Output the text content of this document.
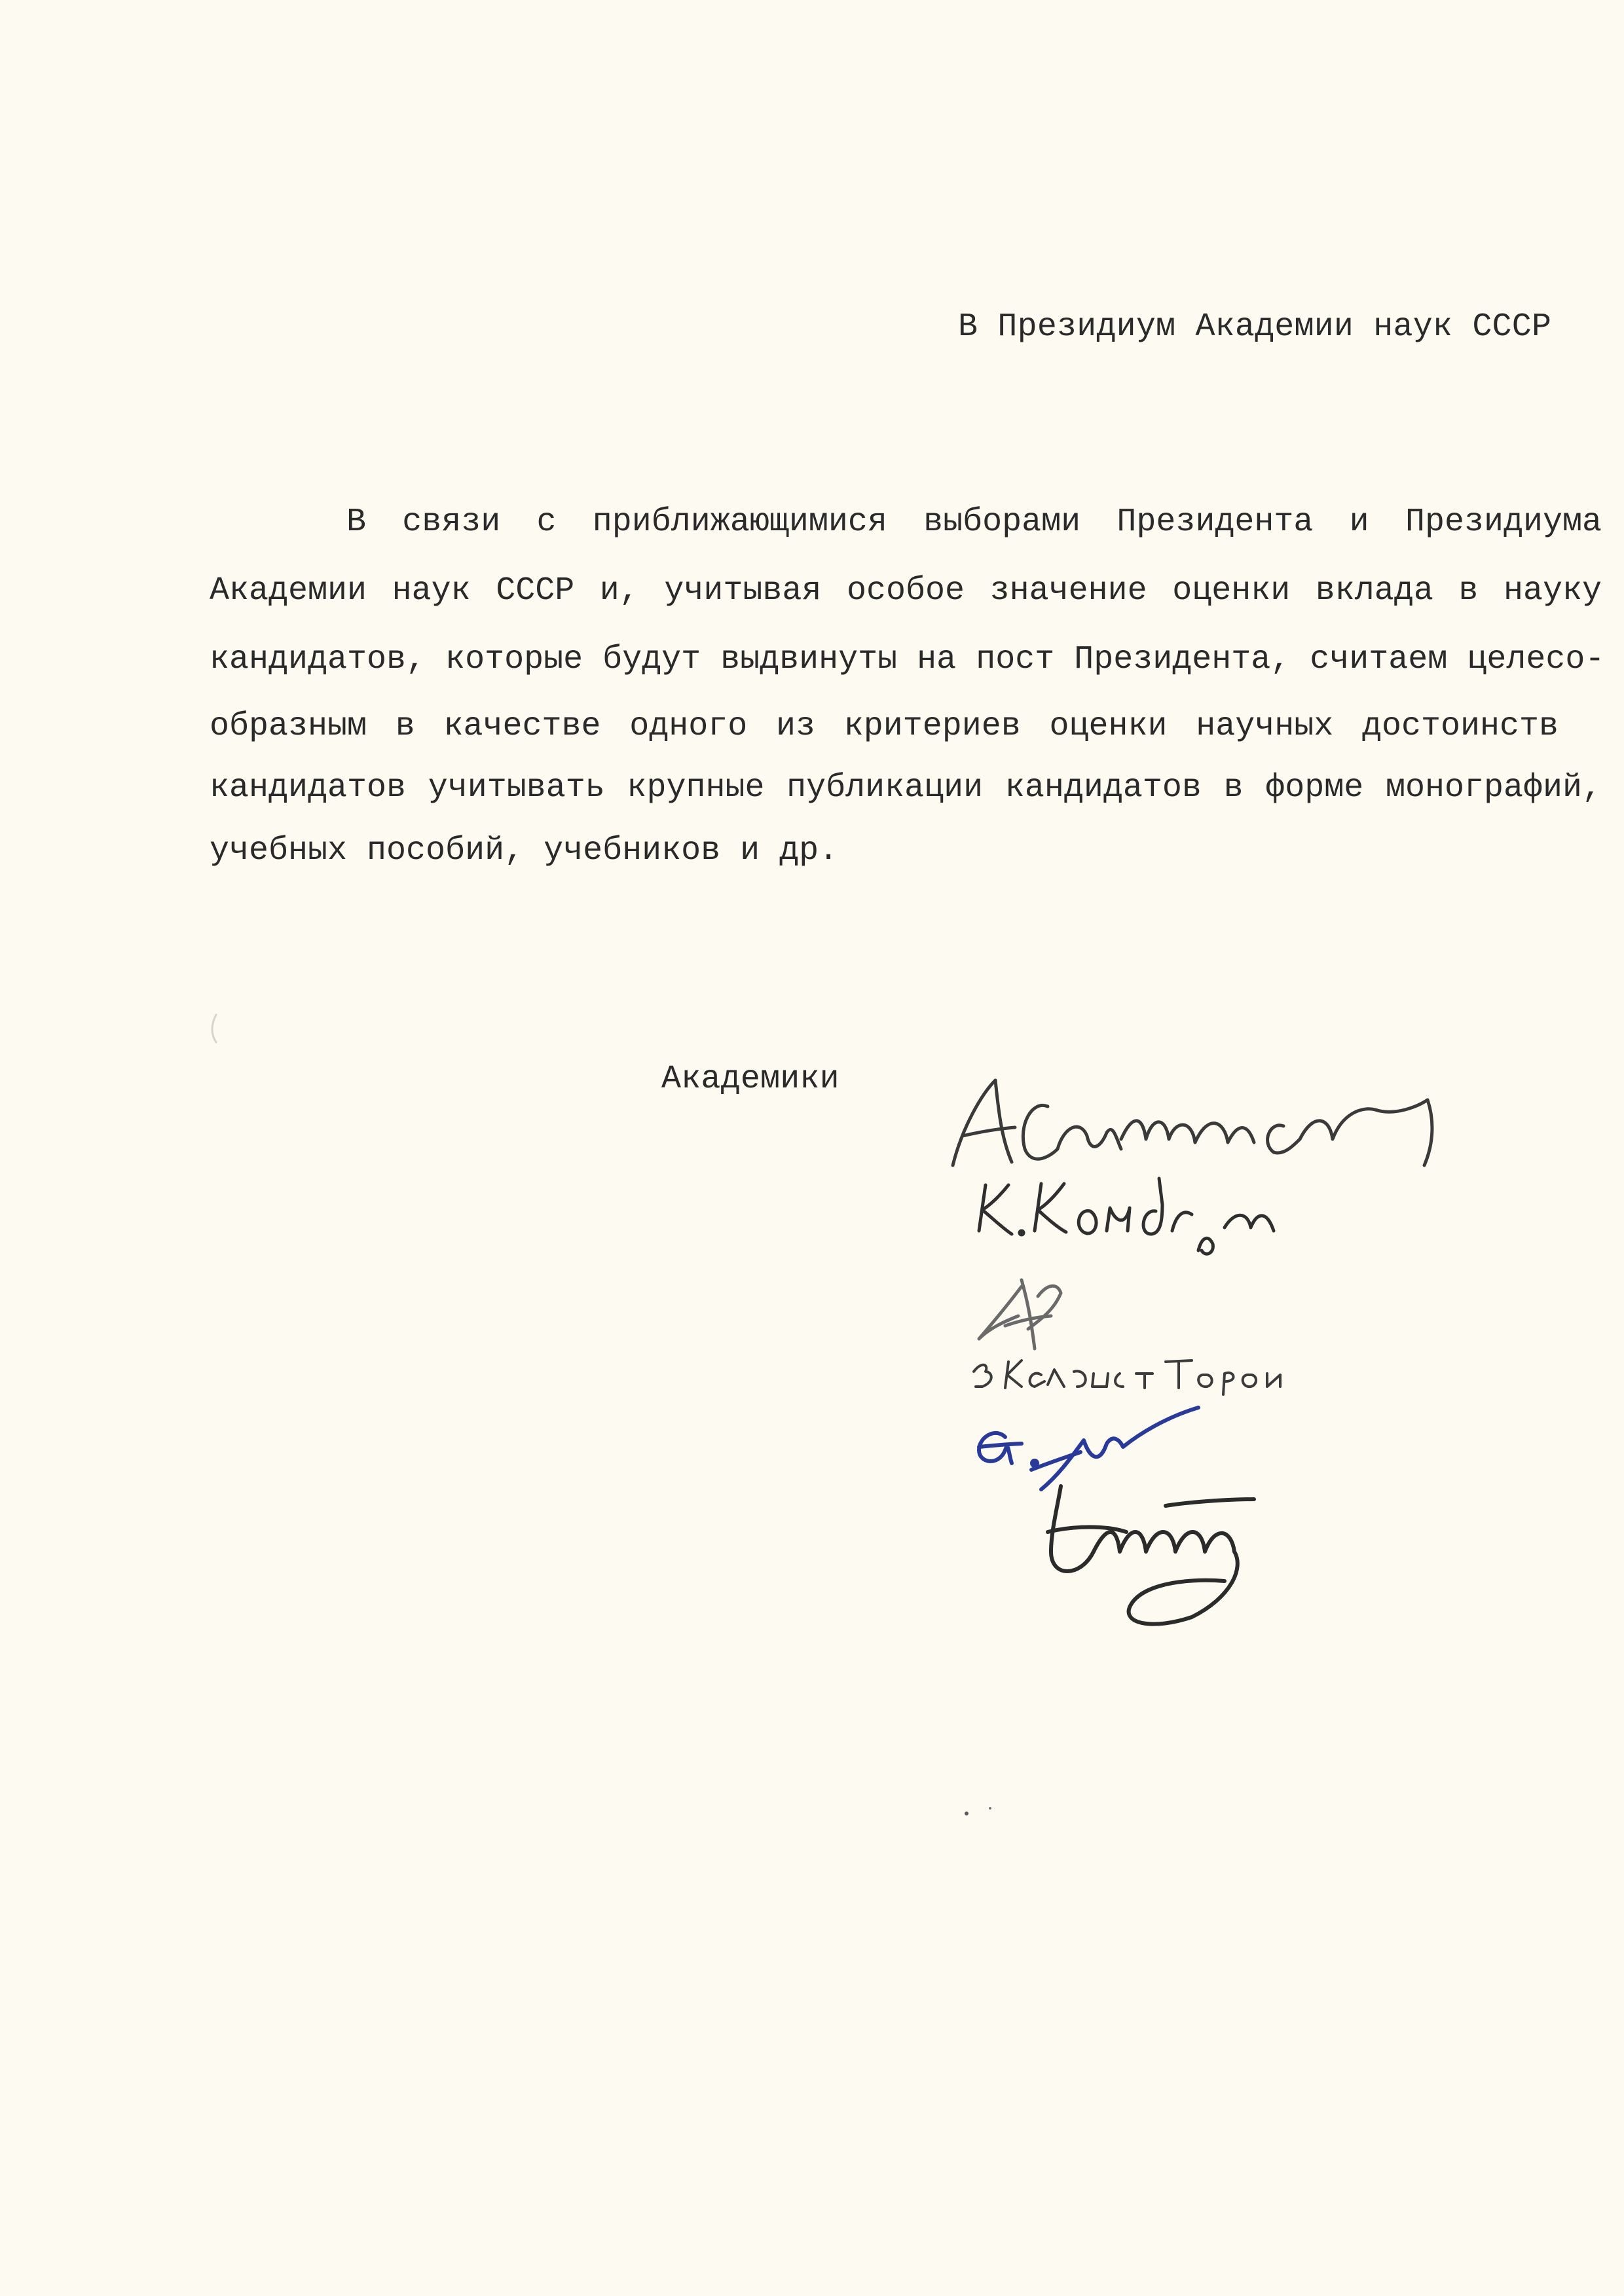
В Президиум Академии наук СССР
В связи с приближающимися выборами Президента и Президиума
Академии наук СССР и, учитывая особое значение оценки вклада в науку
кандидатов, которые будут выдвинуты на пост Президента, считаем целесо-
образным в качестве одного из критериев оценки научных достоинств
кандидатов учитывать крупные публикации кандидатов в форме монографий,
учебных пособий, учебников и др.
Академики
